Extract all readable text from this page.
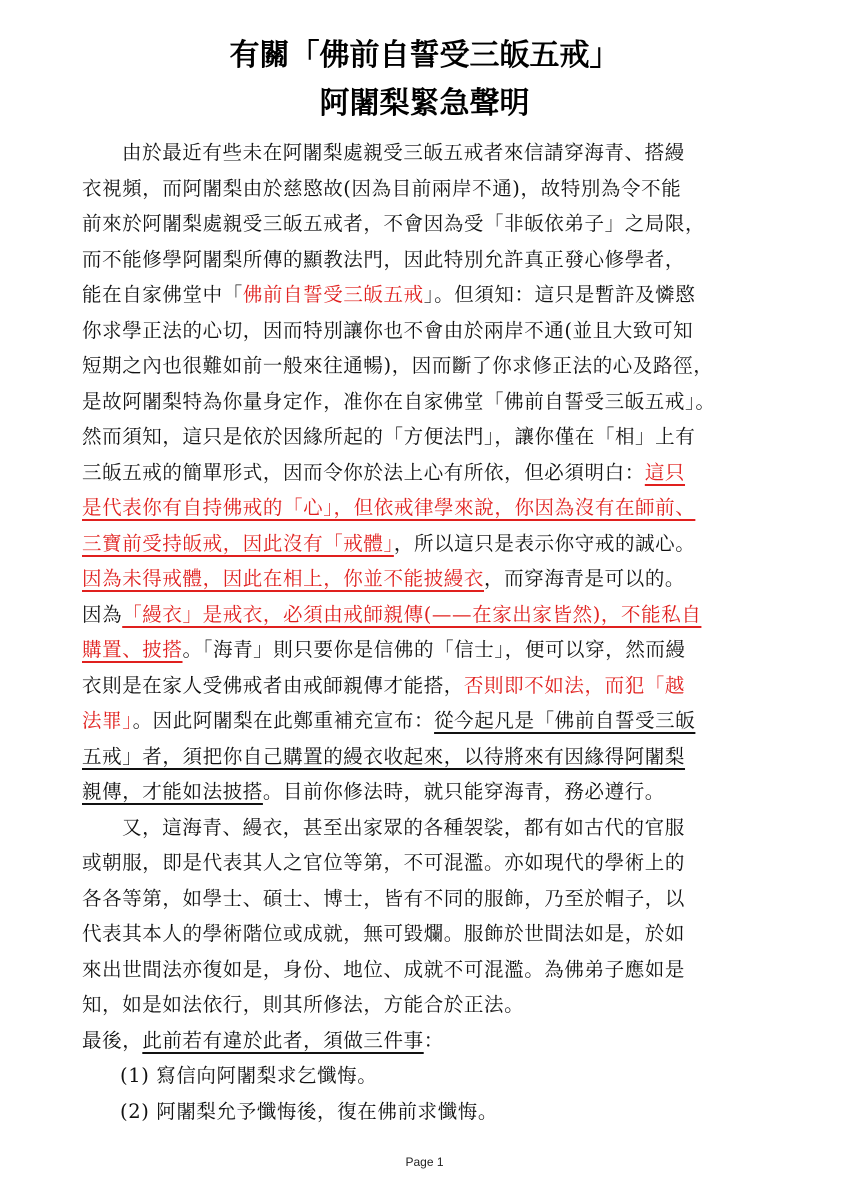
有關「佛前自誓受三皈五戒」
阿闍梨緊急聲明
由於最近有些未在阿闍梨處親受三皈五戒者來信請穿海青、搭縵
衣視頻，而阿闍梨由於慈愍故(因為目前兩岸不通)，故特別為令不能
前來於阿闍梨處親受三皈五戒者，不會因為受「非皈依弟子」之局限，
而不能修學阿闍梨所傳的顯教法門，因此特別允許真正發心修學者，
能在自家佛堂中「佛前自誓受三皈五戒」。但須知：這只是暫許及憐愍
你求學正法的心切，因而特別讓你也不會由於兩岸不通(並且大致可知
短期之內也很難如前一般來往通暢)，因而斷了你求修正法的心及路徑，
是故阿闍梨特為你量身定作，准你在自家佛堂「佛前自誓受三皈五戒」。
然而須知，這只是依於因緣所起的「方便法門」，讓你僅在「相」上有
三皈五戒的簡單形式，因而令你於法上心有所依，但必須明白：這只
是代表你有自持佛戒的「心」，但依戒律學來說，你因為沒有在師前、
三寶前受持皈戒，因此沒有「戒體」，所以這只是表示你守戒的誠心。
因為未得戒體，因此在相上，你並不能披縵衣，而穿海青是可以的。
因為「縵衣」是戒衣，必須由戒師親傳(——在家出家皆然)，不能私自
購置、披搭。「海青」則只要你是信佛的「信士」，便可以穿，然而縵
衣則是在家人受佛戒者由戒師親傳才能搭，否則即不如法，而犯「越
法罪」。因此阿闍梨在此鄭重補充宣布：從今起凡是「佛前自誓受三皈
五戒」者，須把你自己購置的縵衣收起來，以待將來有因緣得阿闍梨
親傳，才能如法披搭。目前你修法時，就只能穿海青，務必遵行。
又，這海青、縵衣，甚至出家眾的各種袈裟，都有如古代的官服
或朝服，即是代表其人之官位等第，不可混濫。亦如現代的學術上的
各各等第，如學士、碩士、博士，皆有不同的服飾，乃至於帽子，以
代表其本人的學術階位或成就，無可毀爛。服飾於世間法如是，於如
來出世間法亦復如是，身份、地位、成就不可混濫。為佛弟子應如是
知，如是如法依行，則其所修法，方能合於正法。
最後，此前若有違於此者，須做三件事：
(1) 寫信向阿闍梨求乞懺悔。
(2) 阿闍梨允予懺悔後，復在佛前求懺悔。
Page 1
